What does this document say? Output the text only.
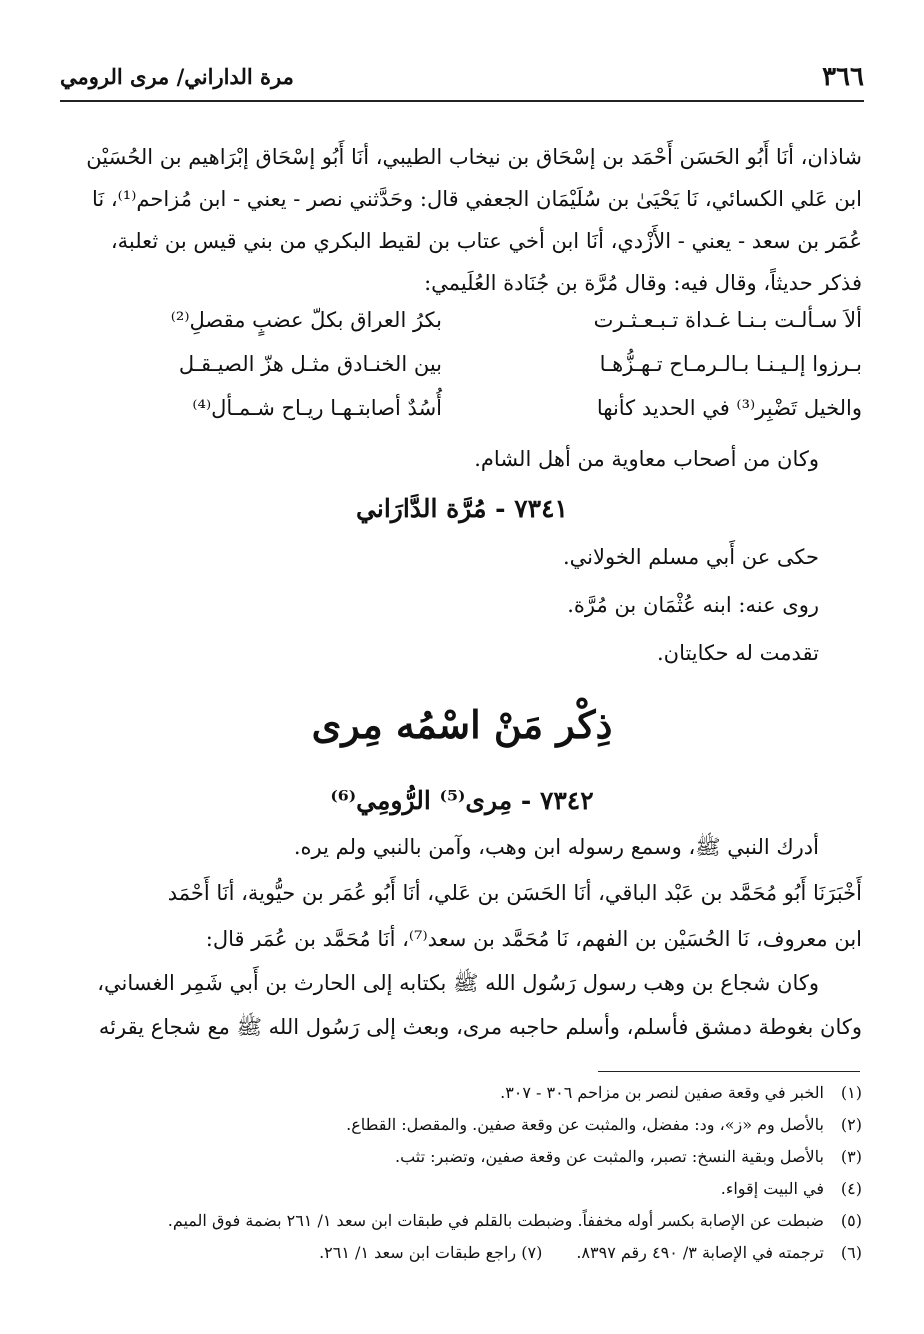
٣٦٦
مرة الداراني/ مرى الرومي
شاذان، أنَا أَبُو الحَسَن أَحْمَد بن إسْحَاق بن نيخاب الطيبي، أنَا أَبُو إسْحَاق إبْرَاهيم بن الحُسَيْن
ابن عَلي الكسائي، نَا يَحْيَىٰ بن سُلَيْمَان الجعفي قال: وحَدَّثني نصر - يعني - ابن مُزاحم⁽¹⁾، نَا
عُمَر بن سعد - يعني - الأَزْدي، أنَا ابن أخي عتاب بن لقيط البكري من بني قيس بن ثعلبة،
فذكر حديثاً، وقال فيه: وقال مُرَّة بن جُنَادة العُلَيمي:
ألاَ سـألـت بـنـا غـداة تـبـعـثـرت
بكرُ العراق بكلّ عضبٍ مقصلِ⁽²⁾
بـرزوا إلـيـنـا بـالـرمـاح تـهـزُّهـا
بين الخنـادق مثـل هزّ الصيـقـل
والخيل تَضْبِر⁽³⁾ في الحديد كأنها
أُسُدٌ أصابتـهـا ريـاح شـمـأل⁽⁴⁾
وكان من أصحاب معاوية من أهل الشام.
٧٣٤١ - مُرَّة الدَّارَاني
حكى عن أَبي مسلم الخولاني.
روى عنه: ابنه عُثْمَان بن مُرَّة.
تقدمت له حكايتان.
ذِكْر مَنْ اسْمُه مِرى
٧٣٤٢ - مِرى⁽⁵⁾ الرُّومِي⁽⁶⁾
أدرك النبي ﷺ، وسمع رسوله ابن وهب، وآمن بالنبي ولم يره.
أَخْبَرَنَا أَبُو مُحَمَّد بن عَبْد الباقي، أنَا الحَسَن بن عَلي، أنَا أَبُو عُمَر بن حيُّوية، أنَا أَحْمَد
ابن معروف، نَا الحُسَيْن بن الفهم، نَا مُحَمَّد بن سعد⁽⁷⁾، أنَا مُحَمَّد بن عُمَر قال:
وكان شجاع بن وهب رسول رَسُول الله ﷺ بكتابه إلى الحارث بن أَبي شَمِر الغساني،
وكان بغوطة دمشق فأسلم، وأسلم حاجبه مرى، وبعث إلى رَسُول الله ﷺ مع شجاع يقرئه
(١)الخبر في وقعة صفين لنصر بن مزاحم ٣٠٦ - ٣٠٧.
(٢)بالأصل وم «ز»، ود: مفضل، والمثبت عن وقعة صفين. والمقصل: القطاع.
(٣)بالأصل وبقية النسخ: تصبر، والمثبت عن وقعة صفين، وتضبر: تثب.
(٤)في البيت إقواء.
(٥)ضبطت عن الإصابة بكسر أوله مخففاً. وضبطت بالقلم في طبقات ابن سعد ١/ ٢٦١ بضمة فوق الميم.
(٦)ترجمته في الإصابة ٣/ ٤٩٠ رقم ٨٣٩٧.(٧) راجع طبقات ابن سعد ١/ ٢٦١.
